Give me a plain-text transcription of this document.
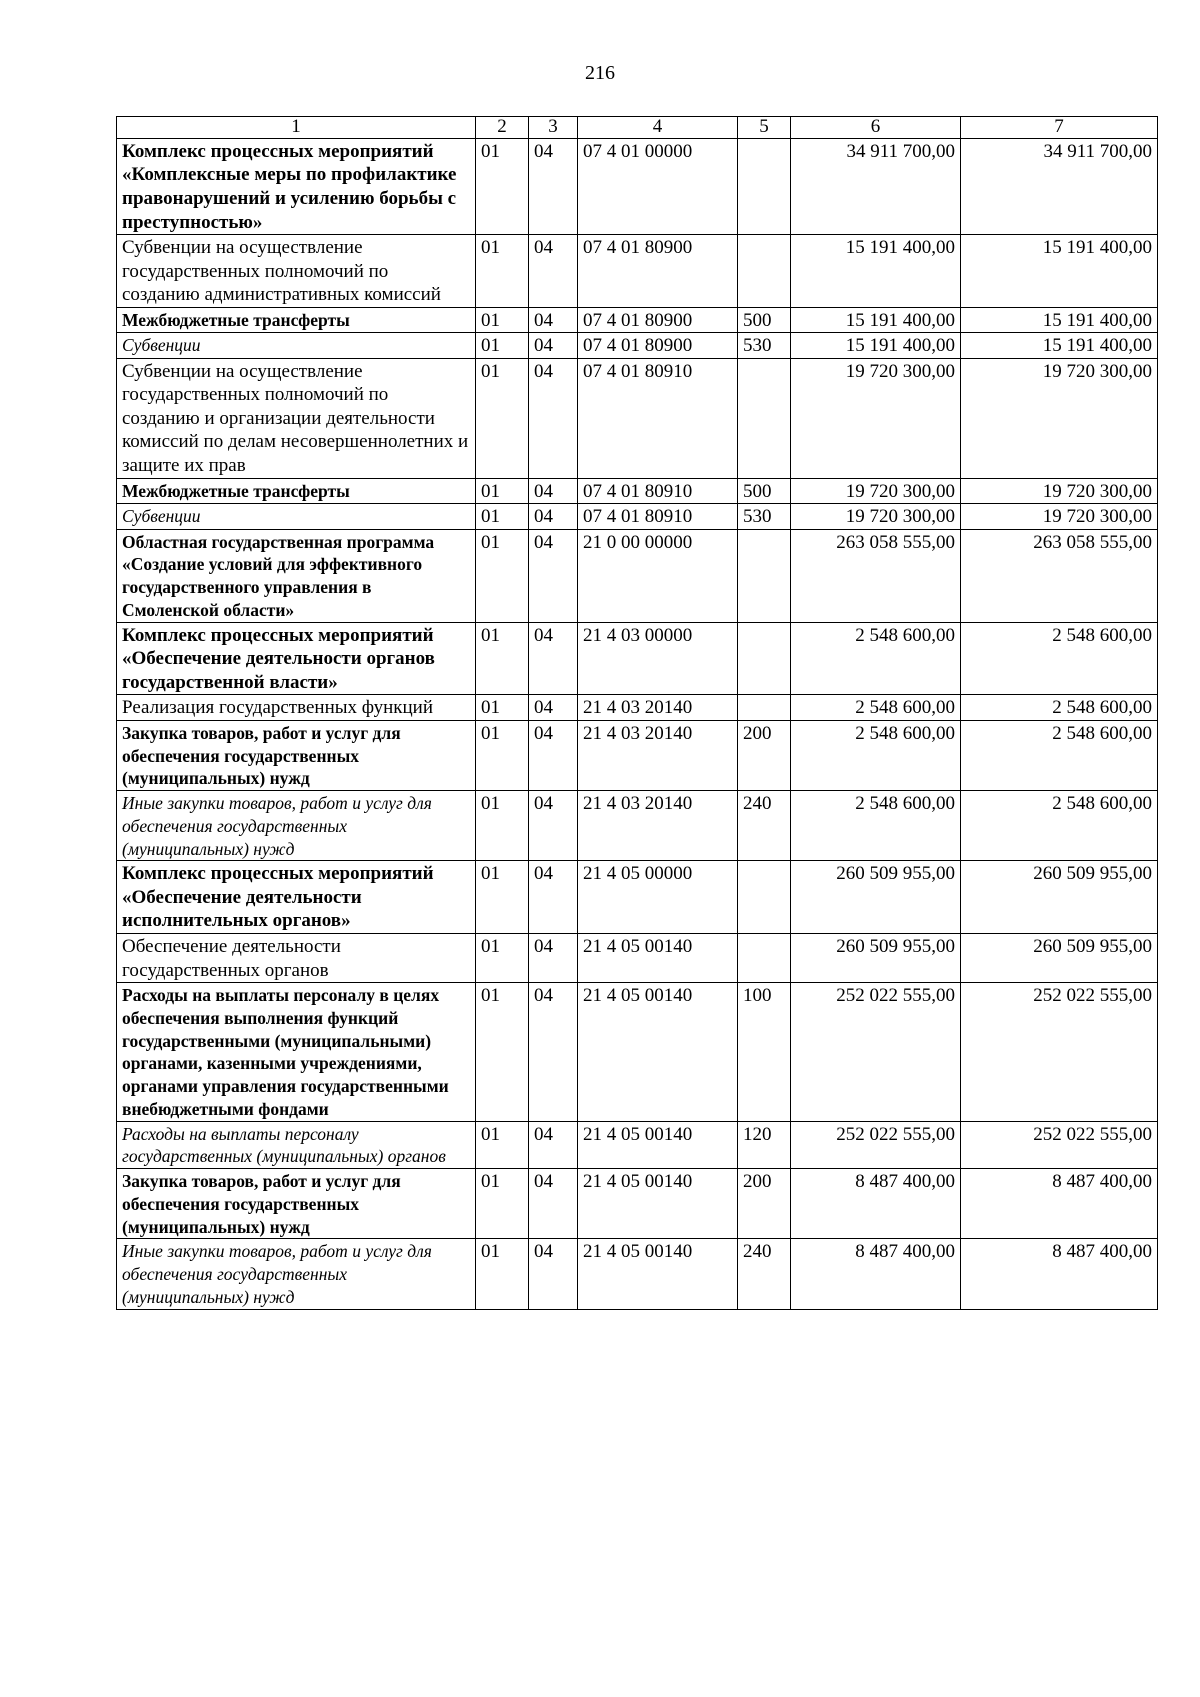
216
1	2	3	4	5	6	7
Комплекс процессных мероприятий «Комплексные меры по профилактике правонарушений и усилению борьбы с преступностью»	01	04	07 4 01 00000		34 911 700,00	34 911 700,00
Субвенции на осуществление государственных полномочий по созданию административных комиссий	01	04	07 4 01 80900		15 191 400,00	15 191 400,00
Межбюджетные трансферты	01	04	07 4 01 80900	500	15 191 400,00	15 191 400,00
Субвенции	01	04	07 4 01 80900	530	15 191 400,00	15 191 400,00
Субвенции на осуществление государственных полномочий по созданию и организации деятельности комиссий по делам несовершеннолетних и защите их прав	01	04	07 4 01 80910		19 720 300,00	19 720 300,00
Межбюджетные трансферты	01	04	07 4 01 80910	500	19 720 300,00	19 720 300,00
Субвенции	01	04	07 4 01 80910	530	19 720 300,00	19 720 300,00
Областная государственная программа «Создание условий для эффективного государственного управления в Смоленской области»	01	04	21 0 00 00000		263 058 555,00	263 058 555,00
Комплекс процессных мероприятий «Обеспечение деятельности органов государственной власти»	01	04	21 4 03 00000		2 548 600,00	2 548 600,00
Реализация государственных функций	01	04	21 4 03 20140		2 548 600,00	2 548 600,00
Закупка товаров, работ и услуг для обеспечения государственных (муниципальных) нужд	01	04	21 4 03 20140	200	2 548 600,00	2 548 600,00
Иные закупки товаров, работ и услуг для обеспечения государственных (муниципальных) нужд	01	04	21 4 03 20140	240	2 548 600,00	2 548 600,00
Комплекс процессных мероприятий «Обеспечение деятельности исполнительных органов»	01	04	21 4 05 00000		260 509 955,00	260 509 955,00
Обеспечение деятельности государственных органов	01	04	21 4 05 00140		260 509 955,00	260 509 955,00
Расходы на выплаты персоналу в целях обеспечения выполнения функций государственными (муниципальными) органами, казенными учреждениями, органами управления государственными внебюджетными фондами	01	04	21 4 05 00140	100	252 022 555,00	252 022 555,00
Расходы на выплаты персоналу государственных (муниципальных) органов	01	04	21 4 05 00140	120	252 022 555,00	252 022 555,00
Закупка товаров, работ и услуг для обеспечения государственных (муниципальных) нужд	01	04	21 4 05 00140	200	8 487 400,00	8 487 400,00
Иные закупки товаров, работ и услуг для обеспечения государственных (муниципальных) нужд	01	04	21 4 05 00140	240	8 487 400,00	8 487 400,00
